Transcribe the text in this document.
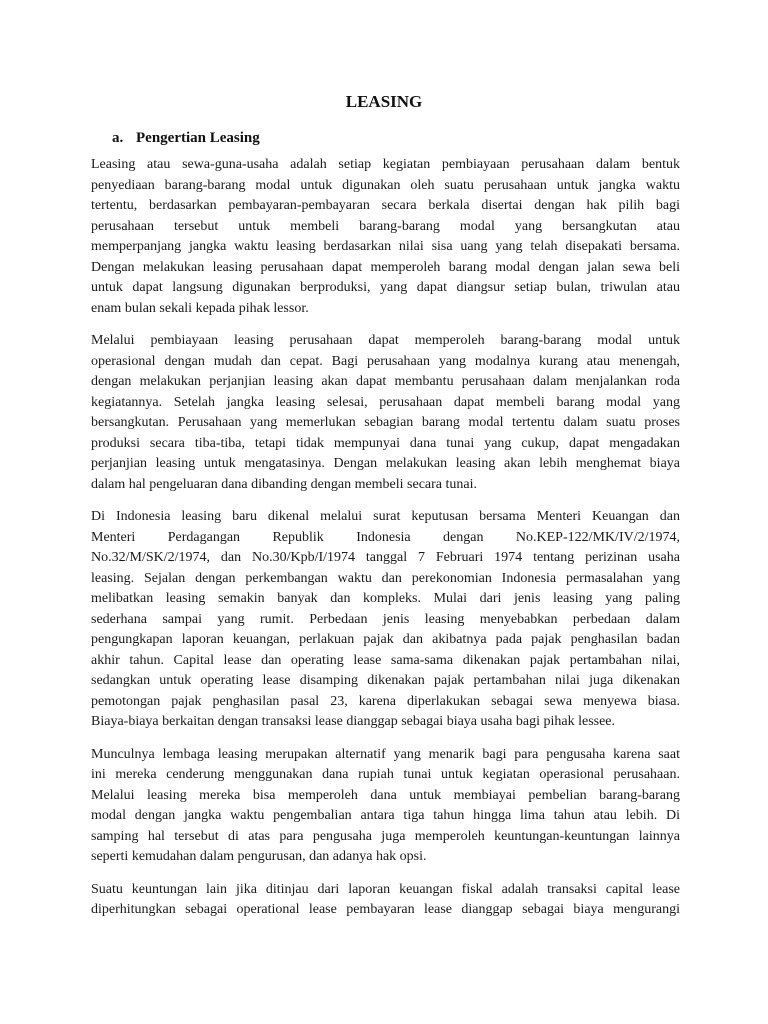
LEASING
a. Pengertian Leasing

Leasing atau sewa-guna-usaha adalah setiap kegiatan pembiayaan perusahaan dalam bentuk
penyediaan barang-barang modal untuk digunakan oleh suatu perusahaan untuk jangka waktu
tertentu, berdasarkan pembayaran-pembayaran secara berkala disertai dengan hak pilih bagi
perusahaan tersebut untuk membeli barang-barang modal yang bersangkutan atau
memperpanjang jangka waktu leasing berdasarkan nilai sisa uang yang telah disepakati bersama.
Dengan melakukan leasing perusahaan dapat memperoleh barang modal dengan jalan sewa beli
untuk dapat langsung digunakan berproduksi, yang dapat diangsur setiap bulan, triwulan atau
enam bulan sekali kepada pihak lessor.

Melalui pembiayaan leasing perusahaan dapat memperoleh barang-barang modal untuk
operasional dengan mudah dan cepat. Bagi perusahaan yang modalnya kurang atau menengah,
dengan melakukan perjanjian leasing akan dapat membantu perusahaan dalam menjalankan roda
kegiatannya. Setelah jangka leasing selesai, perusahaan dapat membeli barang modal yang
bersangkutan. Perusahaan yang memerlukan sebagian barang modal tertentu dalam suatu proses
produksi secara tiba-tiba, tetapi tidak mempunyai dana tunai yang cukup, dapat mengadakan
perjanjian leasing untuk mengatasinya. Dengan melakukan leasing akan lebih menghemat biaya
dalam hal pengeluaran dana dibanding dengan membeli secara tunai.

Di Indonesia leasing baru dikenal melalui surat keputusan bersama Menteri Keuangan dan
Menteri Perdagangan Republik Indonesia dengan No.KEP-122/MK/IV/2/1974,
No.32/M/SK/2/1974, dan No.30/Kpb/I/1974 tanggal 7 Februari 1974 tentang perizinan usaha
leasing. Sejalan dengan perkembangan waktu dan perekonomian Indonesia permasalahan yang
melibatkan leasing semakin banyak dan kompleks. Mulai dari jenis leasing yang paling
sederhana sampai yang rumit. Perbedaan jenis leasing menyebabkan perbedaan dalam
pengungkapan laporan keuangan, perlakuan pajak dan akibatnya pada pajak penghasilan badan
akhir tahun. Capital lease dan operating lease sama-sama dikenakan pajak pertambahan nilai,
sedangkan untuk operating lease disamping dikenakan pajak pertambahan nilai juga dikenakan
pemotongan pajak penghasilan pasal 23, karena diperlakukan sebagai sewa menyewa biasa.
Biaya-biaya berkaitan dengan transaksi lease dianggap sebagai biaya usaha bagi pihak lessee.

Munculnya lembaga leasing merupakan alternatif yang menarik bagi para pengusaha karena saat
ini mereka cenderung menggunakan dana rupiah tunai untuk kegiatan operasional perusahaan.
Melalui leasing mereka bisa memperoleh dana untuk membiayai pembelian barang-barang
modal dengan jangka waktu pengembalian antara tiga tahun hingga lima tahun atau lebih. Di
samping hal tersebut di atas para pengusaha juga memperoleh keuntungan-keuntungan lainnya
seperti kemudahan dalam pengurusan, dan adanya hak opsi.

Suatu keuntungan lain jika ditinjau dari laporan keuangan fiskal adalah transaksi capital lease
diperhitungkan sebagai operational lease pembayaran lease dianggap sebagai biaya mengurangi
